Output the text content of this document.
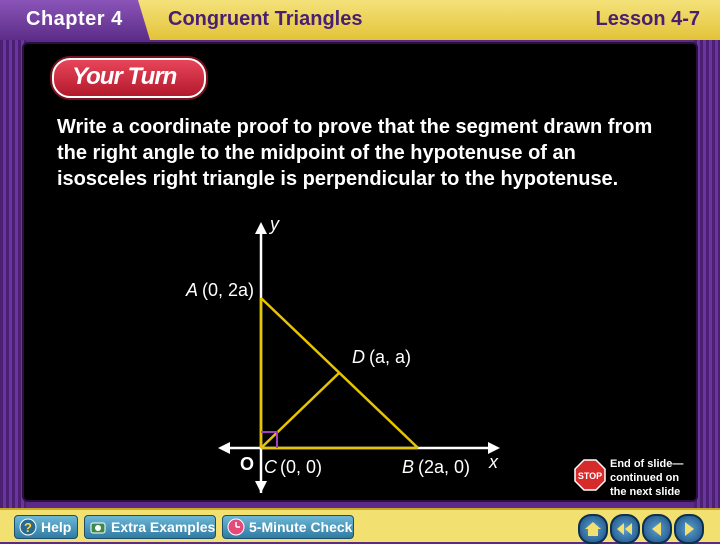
Chapter 4 Congruent Triangles	Lesson 4-7
Your Turn
Write a coordinate proof to prove that the segment drawn from the right angle to the midpoint of the hypotenuse of an isosceles right triangle is perpendicular to the hypotenuse.
y
x
O
A (0, 2a)
D (a, a)
C (0, 0)	B (2a, 0)	STOP
End of slide—
continued on
the next slide
? Help	Extra Examples 5-Minute Check
